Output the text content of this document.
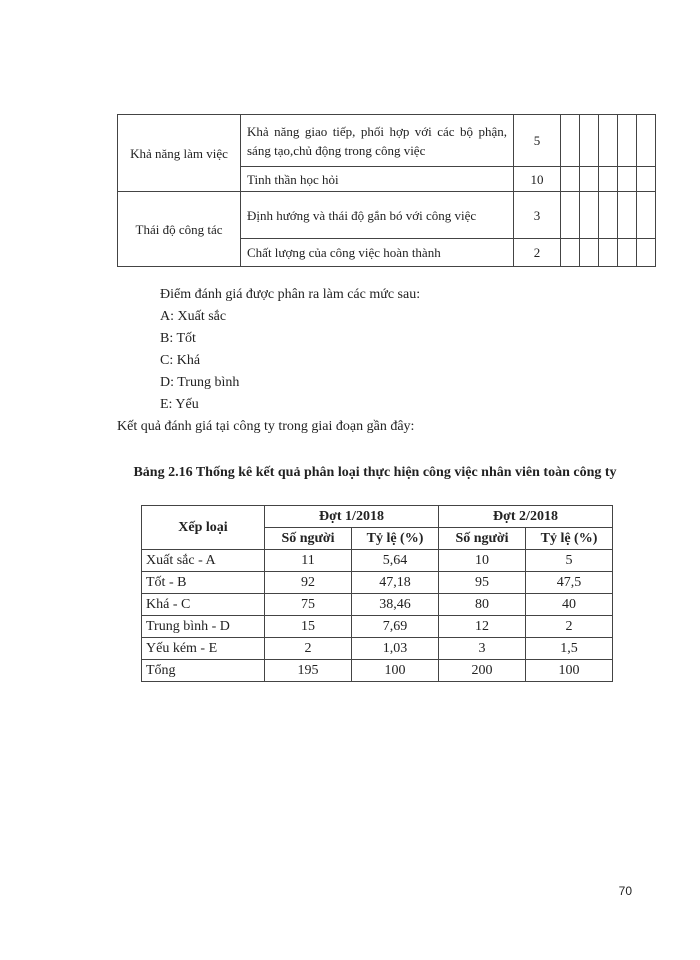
Khả năng làm việc	Khả năng giao tiếp, phối hợp với các bộ phận, sáng tạo,chủ động trong công việc	5					
	Tinh thần học hỏi	10					
Thái độ công tác	Định hướng và thái độ gắn bó với công việc	3					
	Chất lượng của công việc hoàn thành	2					
Điểm đánh giá được phân ra làm các mức sau:
A: Xuất sắc
B: Tốt
C: Khá
D: Trung bình
E: Yếu
Kết quả đánh giá tại công ty trong giai đoạn gần đây:
Bảng 2.16 Thống kê kết quả phân loại thực hiện công việc nhân viên toàn công ty
Xếp loại	Đợt 1/2018		Đợt 2/2018	
	Số người	Tỷ lệ (%)	Số người	Tỷ lệ (%)
Xuất sắc - A	11	5,64	10	5
Tốt - B	92	47,18	95	47,5
Khá - C	75	38,46	80	40
Trung bình - D	15	7,69	12	2
Yếu kém - E	2	1,03	3	1,5
Tổng	195	100	200	100
70
